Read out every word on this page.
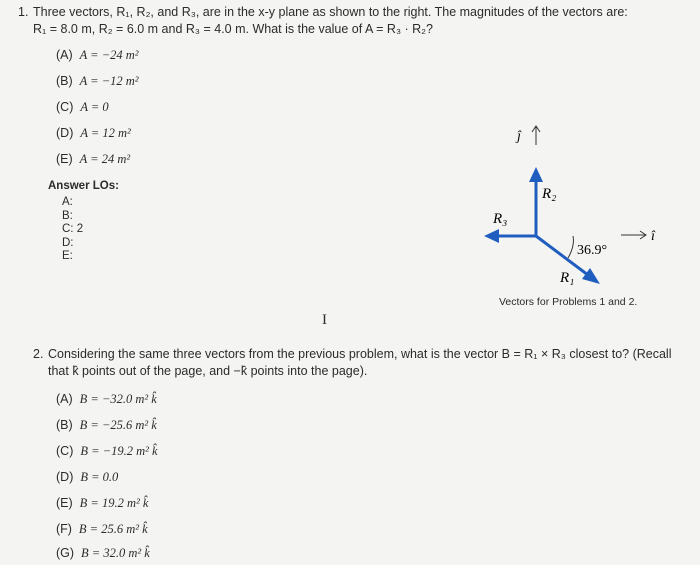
1. Three vectors, R₁, R₂, and R₃, are in the x-y plane as shown to the right. The magnitudes of the vectors are:
R₁ = 8.0 m, R₂ = 6.0 m and R₃ = 4.0 m. What is the value of A = R₃ · R₂?
(A) A = −24 m²
(B) A = −12 m²
(C) A = 0
(D) A = 12 m²
(E) A = 24 m²
Answer LOs:
A:
B:
C: 2
D:
E:
ĵ
î
R₂
R₃
R₁
36.9°
Vectors for Problems 1 and 2.
I
2. Considering the same three vectors from the previous problem, what is the vector B = R₁ × R₃ closest to? (Recall
that k̂ points out of the page, and −k̂ points into the page).
(A) B = −32.0 m² k̂
(B) B = −25.6 m² k̂
(C) B = −19.2 m² k̂
(D) B = 0.0
(E) B = 19.2 m² k̂
(F) B = 25.6 m² k̂
(G) B = 32.0 m² k̂
